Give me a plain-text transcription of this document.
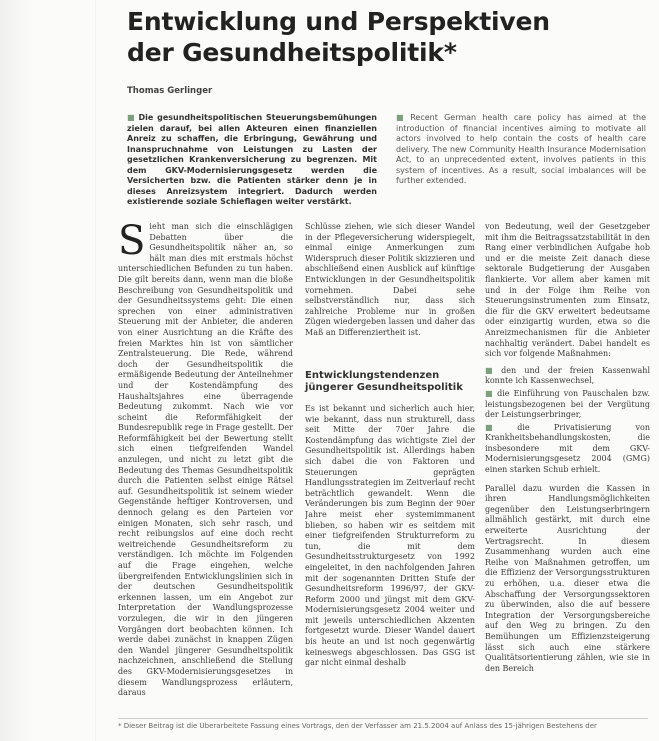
Entwicklung und Perspektiven
der Gesundheitspolitik*
Thomas Gerlinger
■ Die gesundheitspolitischen Steuerungsbemühungen zielen darauf, bei allen Akteuren einen finanziellen Anreiz zu schaffen, die Erbringung, Gewährung und Inanspruchnahme von Leistungen zu Lasten der gesetzlichen Krankenversicherung zu begrenzen. Mit dem GKV-Modernisierungsgesetz werden die Versicherten bzw. die Patienten stärker denn je in dieses Anreizsystem integriert. Dadurch werden existierende soziale Schieflagen weiter verstärkt.
■ Recent German health care policy has aimed at the introduction of financial incentives aiming to motivate all actors involved to help contain the costs of health care delivery. The new Community Health Insurance Modernisation Act, to an unprecedented extent, involves patients in this system of incentives. As a result, social imbalances will be further extended.

Sieht man sich die einschlägigen Debatten über die Gesundheitspolitik näher an, so hält man dies mit erstmals höchst unterschiedlichen Befunden zu tun haben. Die gilt bereits dann, wenn man die bloße Beschreibung von Gesundheitspolitik und der Gesundheitssystems geht: Die einen sprechen von einer administrativen Steuerung mit der Anbieter, die anderen von einer Ausrichtung an die Kräfte des freien Marktes hin ist von sämtlicher Zentralsteuerung. Die Rede, während doch der Gesundheitspolitik die ermäßigende Bedeutung der Anteilnehmer und der Kostendämpfung des Haushaltsjahres eine überragende Bedeutung zukommt. Nach wie vor scheint die Reformfähigkeit der Bundesrepublik rege in Frage gestellt. Der Reformfähigkeit bei der Bewertung stellt sich einen tiefgreifenden Wandel anzulegen, und nicht zu letzt gibt die Bedeutung des Themas Gesundheitspolitik durch die Patienten selbst einige Rätsel auf. Gesundheitspolitik ist seinem wieder Gegenstände heftiger Kontroversen, und dennoch gelang es den Parteien vor einigen Monaten, sich sehr rasch, und recht reibungslos auf eine doch recht weitreichende Gesundheitsreform zu verständigen. Ich möchte im Folgenden auf die Frage eingehen, welche übergreifenden Entwicklungslinien sich in der deutschen Gesundheitspolitik erkennen lassen, um ein Angebot zur Interpretation der Wandlungsprozesse vorzulegen, die wir in den jüngeren Vorgängen dort beobachten können. Ich werde dabei zunächst in knappen Zügen den Wandel jüngerer Gesundheitspolitik nachzeichnen, anschließend die Stellung des GKV-Modernisierungsgesetzes in diesem Wandlungsprozess erläutern, daraus

Schlüsse ziehen, wie sich dieser Wandel in der Pflegeversicherung widerspiegelt, einmal einige Anmerkungen zum Widerspruch dieser Politik skizzieren und abschließend einen Ausblick auf künftige Entwicklungen in der Gesundheitspolitik vornehmen. Dabei sehe selbstverständlich nur, dass sich zahlreiche Probleme nur in großen Zügen wiedergeben lassen und daher das Maß an Differenziertheit ist.
Entwicklungstendenzen jüngerer Gesundheitspolitik
Es ist bekannt und sicherlich auch hier, wie bekannt, dass nun strukturell, dass seit Mitte der 70er Jahre die Kostendämpfung das wichtigste Ziel der Gesundheitspolitik ist. Allerdings haben sich dabei die von Faktoren und Steuerungen geprägten Handlungsstrategien im Zeitverlauf recht beträchtlich gewandelt. Wenn die Veränderungen bis zum Beginn der 90er Jahre meist eher systemimmanent blieben, so haben wir es seitdem mit einer tiefgreifenden Strukturreform zu tun, die mit dem Gesundheitsstrukturgesetz von 1992 eingeleitet, in den nachfolgenden Jahren mit der sogenannten Dritten Stufe der Gesundheitsreform 1996/97, der GKV-Reform 2000 und jüngst mit dem GKV-Modernisierungsgesetz 2004 weiter und mit jeweils unterschiedlichen Akzenten fortgesetzt wurde. Dieser Wandel dauert bis heute an und ist noch gegenwärtig keineswegs abgeschlossen. Das GSG ist gar nicht einmal deshalb

von Bedeutung, weil der Gesetzgeber mit ihm die Beitragssatzstabilität in den Rang einer verbindlichen Aufgabe hob und er die meiste Zeit danach diese sektorale Budgetierung der Ausgaben flankierte. Vor allem aber kamen mit und in der Folge ihm Reihe von Steuerungsinstrumenten zum Einsatz, die für die GKV erweitert bedeutsame oder einzigartig wurden, etwa so die Anreizmechanismen für die Anbieter nachhaltig verändert. Dabei handelt es sich vor folgende Maßnahmen:

■ den und der freien Kassenwahl konnte ich Kassenwechsel,
■ die Einführung von Pauschalen bzw. leistungsbezogenen bei der Vergütung der Leistungserbringer,
■ die Privatisierung von Krankheitsbehandlungskosten, die insbesondere mit dem GKV-Modernisierungsgesetz 2004 (GMG) einen starken Schub erhielt.

Parallel dazu wurden die Kassen in ihren Handlungsmöglichkeiten gegenüber den Leistungserbringern allmählich gestärkt, mit durch eine erweiterte Ausrichtung der Vertragsrecht. In diesem Zusammenhang wurden auch eine Reihe von Maßnahmen getroffen, um die Effizienz der Versorgungsstrukturen zu erhöhen, u.a. dieser etwa die Abschaffung der Versorgungssektoren zu überwinden, also die auf bessere Integration der Versorgungsbereiche auf den Weg zu bringen. Zu den Bemühungen um Effizienzsteigerung lässt sich auch eine stärkere Qualitätsorientierung zählen, wie sie in den Bereich

* Dieser Beitrag ist die Überarbeitete Fassung eines Vortrags, den der Verfasser am 21.5.2004 auf Anlass des 15-jährigen Bestehens der
